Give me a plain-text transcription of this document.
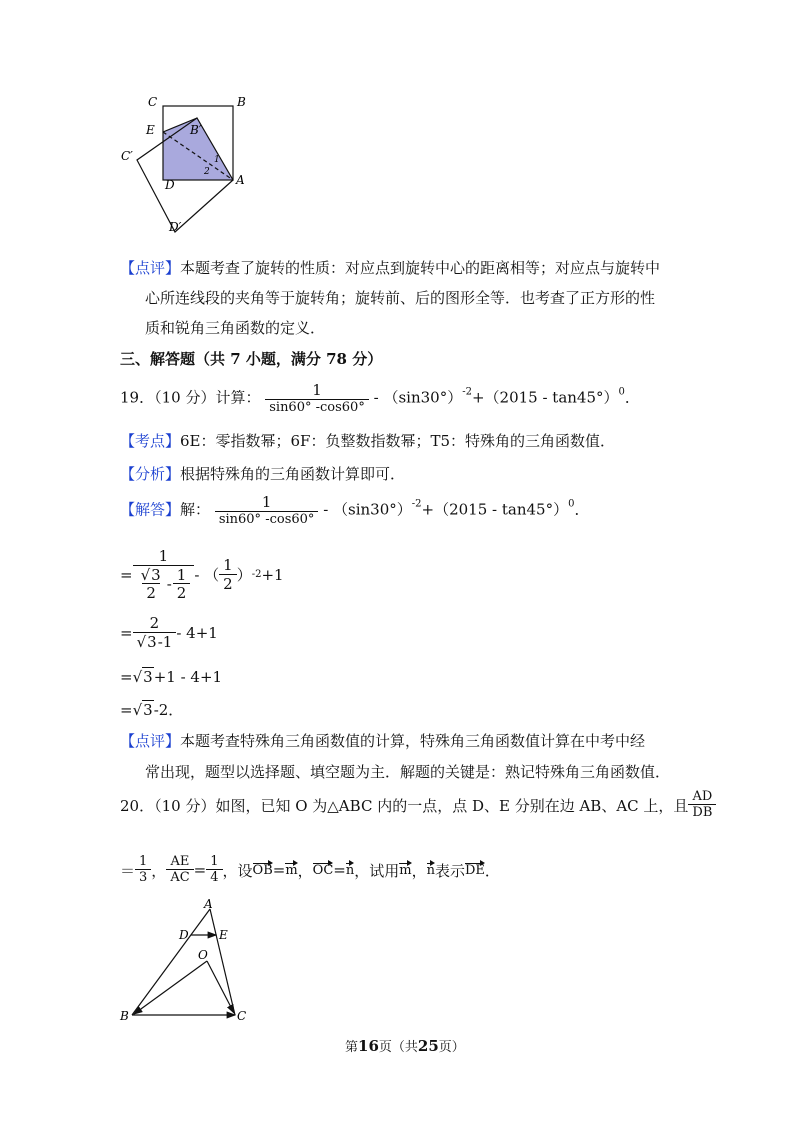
C	B
E	B′
C′
D	A
D′
1
2
【点评】本题考查了旋转的性质：对应点到旋转中心的距离相等；对应点与旋转中
心所连线段的夹角等于旋转角；旋转前、后的图形全等．也考查了正方形的性
质和锐角三角函数的定义．
三、解答题（共 7 小题，满分 78 分）
19．（10 分）计算： $\frac{1}{\sin 60^\circ -\cos 60^\circ} - (\sin 30^\circ)^{-2}+(2015 - \tan 45^\circ)^0$．
【考点】6E：零指数幂；6F：负整数指数幂；T5：特殊角的三角函数值．
【分析】根据特殊角的三角函数计算即可．
【解答】解： $\frac{1}{\sin 60^\circ -\cos 60^\circ} - (\sin 30^\circ)^{-2}+(2015 - \tan 45^\circ)^0$．
= $\frac{1}{\frac{√3}{2} - \frac{1}{2}}$ - （ $\frac{1}{2}$ ） -2 +1
= $\frac{2}{√3-1} - 4+1$
=√3+1 - 4+1
=√3-2．
【点评】本题考查特殊角三角函数值的计算，特殊角三角函数值计算在中考中经
常出现，题型以选择题、填空题为主．解题的关键是：熟记特殊角三角函数值．
20．（10 分）如图，已知 O 为△ABC 内的一点，点 D、E 分别在边 AB、AC 上，且 $\frac{AD}{DB}$
＝ $\frac{1}{3}$ ， $\frac{AE}{AC} = \frac{1}{4}$ ，设 OB = m ， OC = n ，试用 m ， n 表示 DE ．
A
D	E
O
B	C
第16页（共25页）
